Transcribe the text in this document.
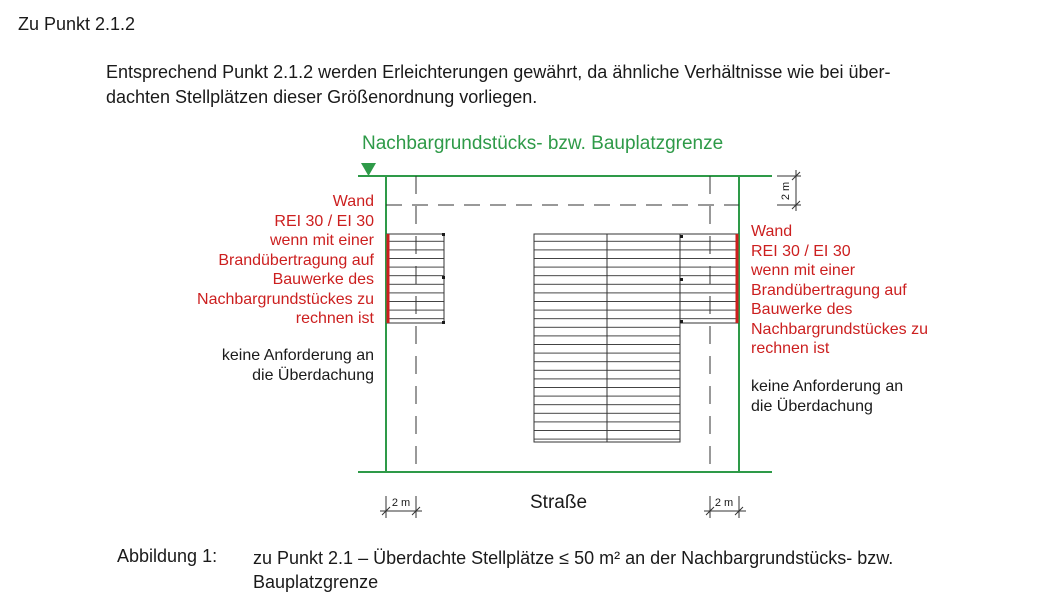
Zu Punkt 2.1.2
Entsprechend Punkt 2.1.2 werden Erleichterungen gewährt, da ähnliche Verhältnisse wie bei über-
dachten Stellplätzen dieser Größenordnung vorliegen.
2 m
2 m	2 m
Nachbargrundstücks- bzw. Bauplatzgrenze
Wand
REI 30 / EI 30
wenn mit einer
Brandübertragung auf
Bauwerke des
Nachbargrundstückes zu
rechnen ist
keine Anforderung an
die Überdachung
Wand
REI 30 / EI 30
wenn mit einer
Brandübertragung auf
Bauwerke des
Nachbargrundstückes zu
rechnen ist
keine Anforderung an
die Überdachung
Straße
Abbildung 1: zu Punkt 2.1 – Überdachte Stellplätze ≤ 50 m² an der Nachbargrundstücks- bzw. Bauplatzgrenze
